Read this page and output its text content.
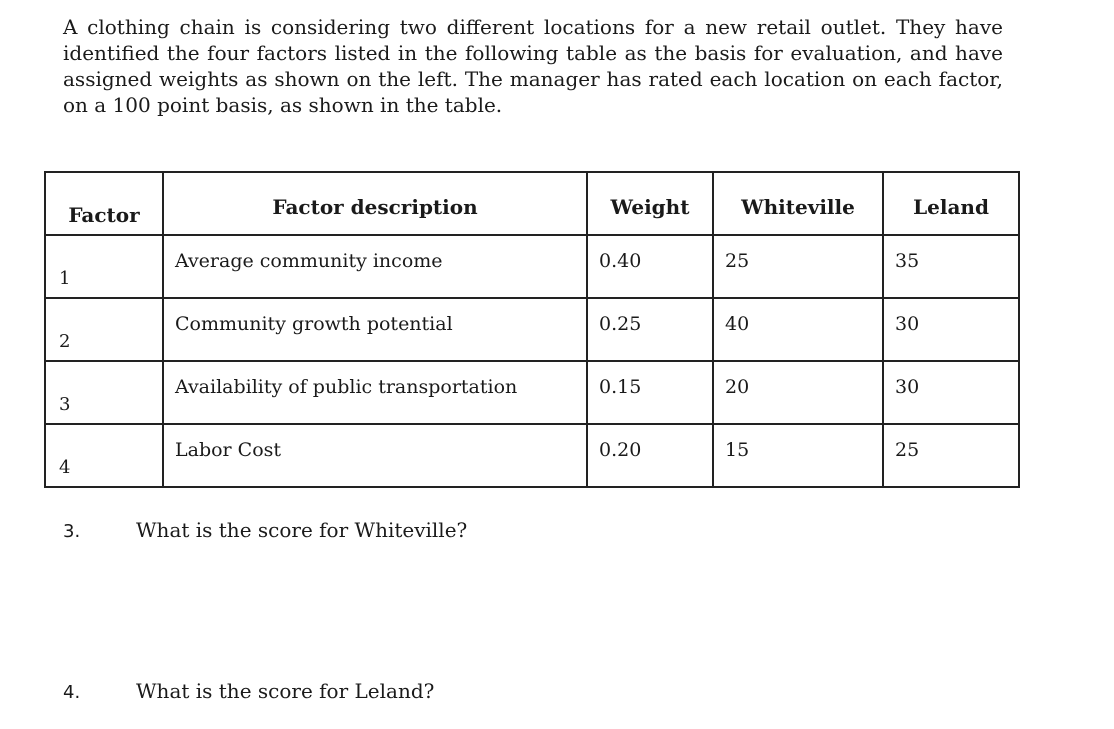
A clothing chain is considering two different locations for a new retail outlet. They have identified the four factors listed in the following table as the basis for evaluation, and have assigned weights as shown on the left. The manager has rated each location on each factor, on a 100 point basis, as shown in the table.

Factor	Factor description	Weight	Whiteville	Leland

1	Average community income	0.40	25	35

2	Community growth potential	0.25	40	30

3	Availability of public transportation	0.15	20	30

4	Labor Cost	0.20	15	25
3.	What is the score for Whiteville?
4.	What is the score for Leland?
